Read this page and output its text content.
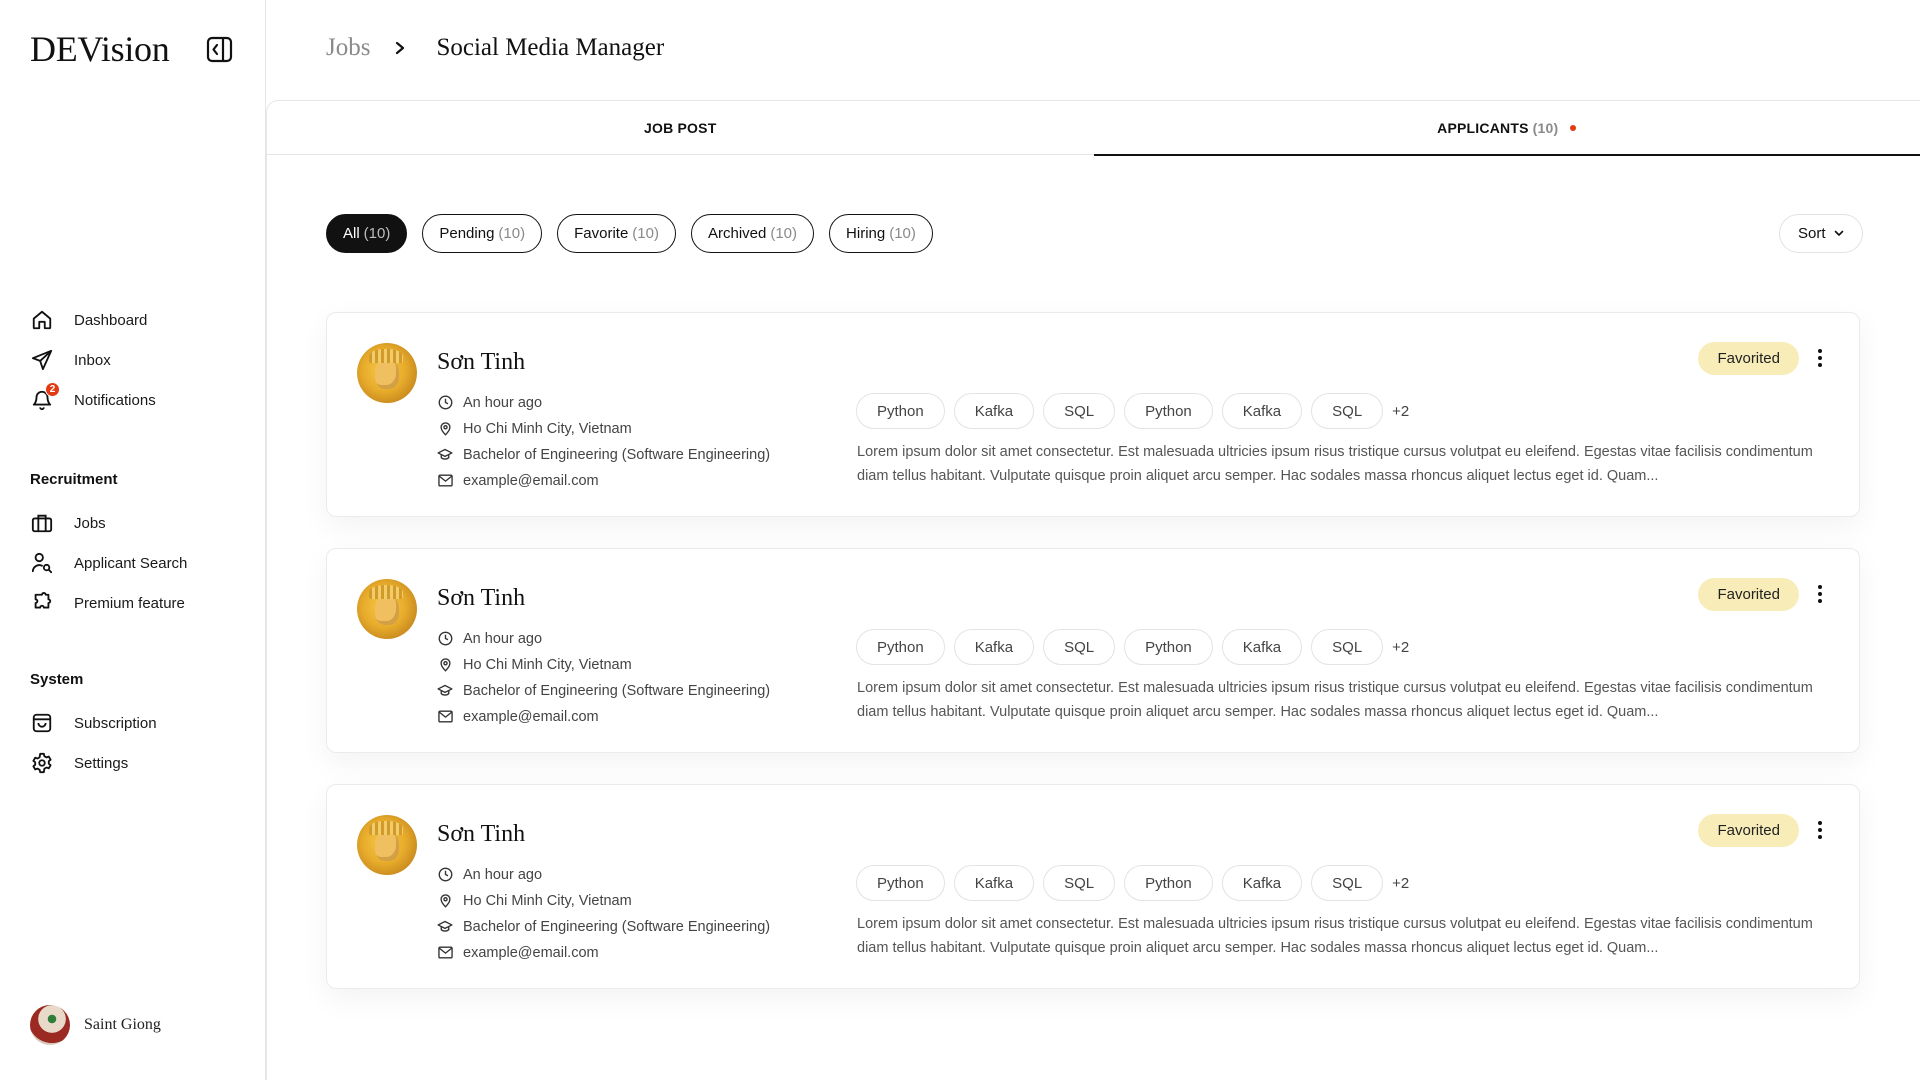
DEVision
Dashboard
Inbox
2
Notifications
Recruitment
Jobs
Applicant Search
Premium feature
System
Subscription
Settings
Saint Giong
Jobs	Social Media Manager
JOB POST	APPLICANTS (10)
All (10)	Pending (10)	Favorite (10)	Archived (10)	Hiring (10)	Sort
Sơn Tinh
An hour ago
Ho Chi Minh City, Vietnam
Bachelor of Engineering (Software Engineering)
example@email.com
Python	Kafka	SQL	Python	Kafka	SQL	+2
Lorem ipsum dolor sit amet consectetur. Est malesuada ultricies ipsum risus tristique cursus volutpat eu eleifend. Egestas vitae facilisis condimentum diam tellus habitant. Vulputate quisque proin aliquet arcu semper. Hac sodales massa rhoncus aliquet lectus eget id. Quam...
Favorited
Sơn Tinh
An hour ago
Ho Chi Minh City, Vietnam
Bachelor of Engineering (Software Engineering)
example@email.com
Python	Kafka	SQL	Python	Kafka	SQL	+2
Lorem ipsum dolor sit amet consectetur. Est malesuada ultricies ipsum risus tristique cursus volutpat eu eleifend. Egestas vitae facilisis condimentum diam tellus habitant. Vulputate quisque proin aliquet arcu semper. Hac sodales massa rhoncus aliquet lectus eget id. Quam...
Favorited
Sơn Tinh
An hour ago
Ho Chi Minh City, Vietnam
Bachelor of Engineering (Software Engineering)
example@email.com
Python	Kafka	SQL	Python	Kafka	SQL	+2
Lorem ipsum dolor sit amet consectetur. Est malesuada ultricies ipsum risus tristique cursus volutpat eu eleifend. Egestas vitae facilisis condimentum diam tellus habitant. Vulputate quisque proin aliquet arcu semper. Hac sodales massa rhoncus aliquet lectus eget id. Quam...
Favorited
